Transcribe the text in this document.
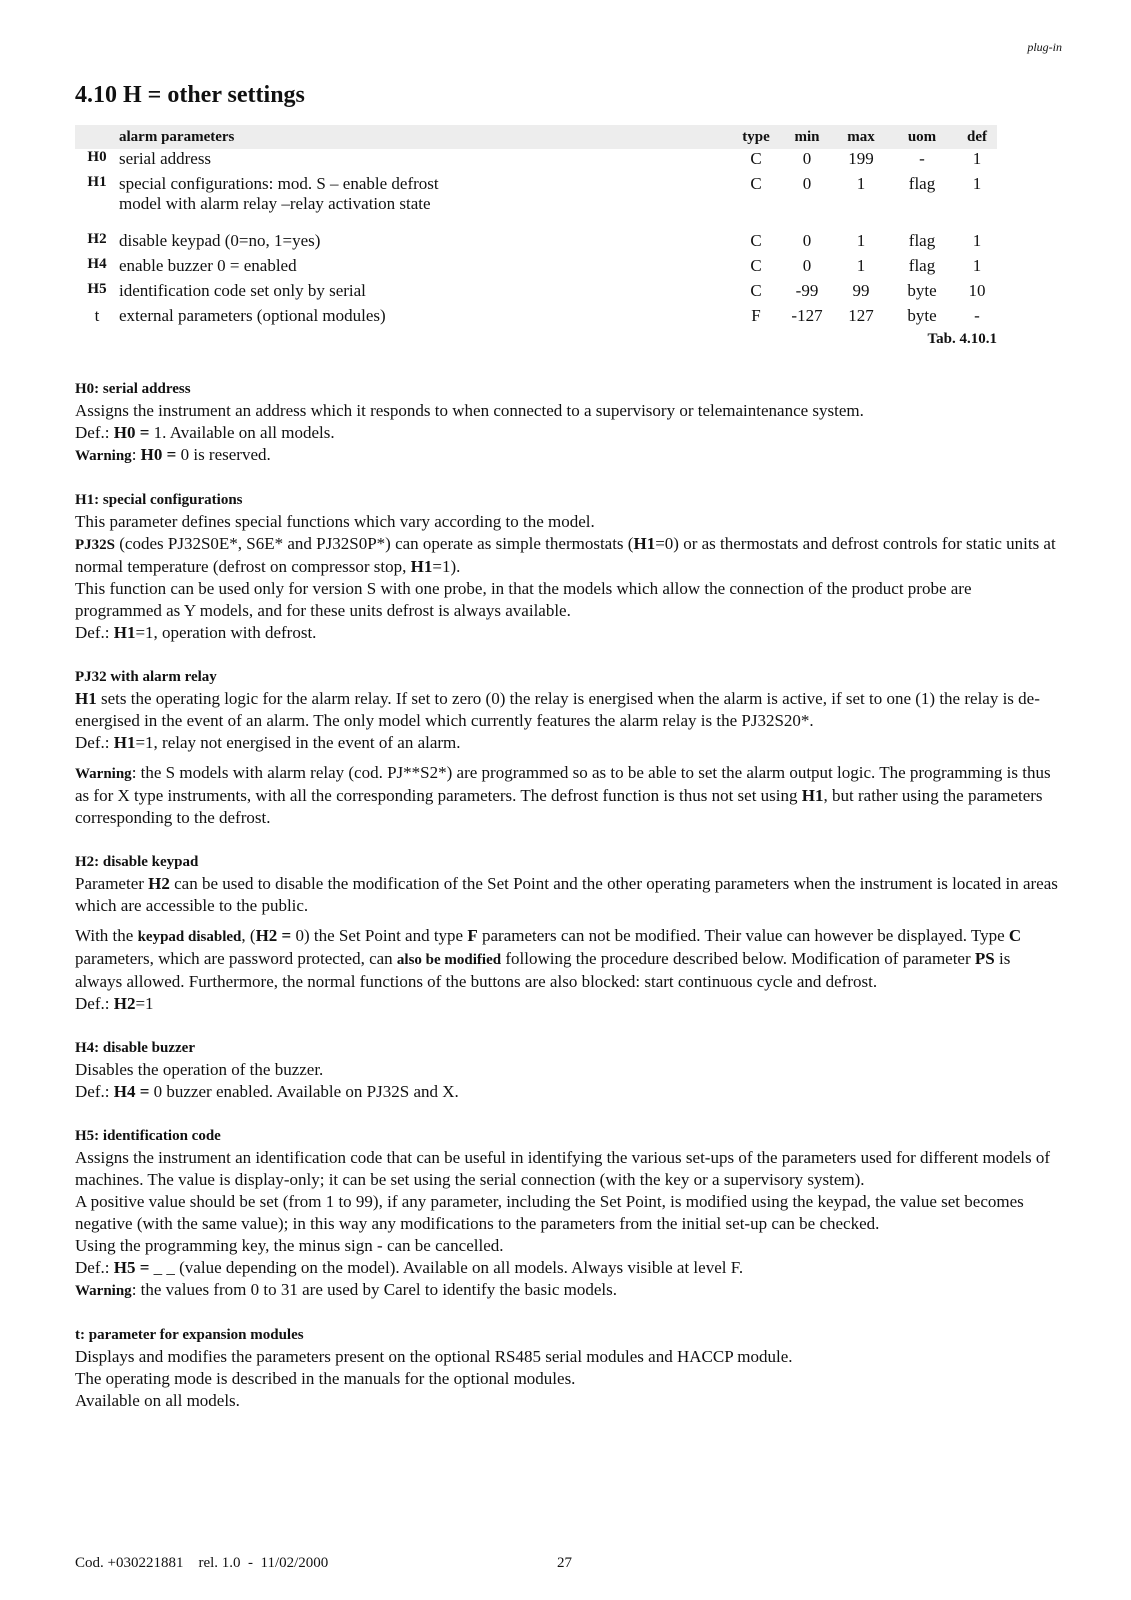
plug-in
4.10 H = other settings
	alarm parameters	type	min	max	uom	def
H0	serial address	C	0	199	-	1
H1	special configurations: mod. S – enable defrost
model with alarm relay –relay activation state	C	0	1	flag	1
H2	disable keypad (0=no, 1=yes)	C	0	1	flag	1
H4	enable buzzer 0 = enabled	C	0	1	flag	1
H5	identification code set only by serial	C	-99	99	byte	10
t	external parameters (optional modules)	F	-127	127	byte	-
Tab. 4.10.1						
H0: serial address

Assigns the instrument an address which it responds to when connected to a supervisory or telemaintenance system.

Def.: H0 = 1. Available on all models.

Warning: H0 = 0 is reserved.

H1: special configurations

This parameter defines special functions which vary according to the model.

PJ32S (codes PJ32S0E*, S6E* and PJ32S0P*) can operate as simple thermostats (H1=0) or as thermostats and defrost controls for static units at normal temperature (defrost on compressor stop, H1=1).

This function can be used only for version S with one probe, in that the models which allow the connection of the product probe are programmed as Y models, and for these units defrost is always available.

Def.: H1=1, operation with defrost.

PJ32 with alarm relay

H1 sets the operating logic for the alarm relay. If set to zero (0) the relay is energised when the alarm is active, if set to one (1) the relay is de-energised in the event of an alarm. The only model which currently features the alarm relay is the PJ32S20*.

Def.: H1=1, relay not energised in the event of an alarm.

Warning: the S models with alarm relay (cod. PJ**S2*) are programmed so as to be able to set the alarm output logic. The programming is thus as for X type instruments, with all the corresponding parameters. The defrost function is thus not set using H1, but rather using the parameters corresponding to the defrost.

H2: disable keypad

Parameter H2 can be used to disable the modification of the Set Point and the other operating parameters when the instrument is located in areas which are accessible to the public.

With the keypad disabled, (H2 = 0) the Set Point and type F parameters can not be modified. Their value can however be displayed. Type C parameters, which are password protected, can also be modified following the procedure described below. Modification of parameter PS is always allowed. Furthermore, the normal functions of the buttons are also blocked: start continuous cycle and defrost.

Def.: H2=1

H4: disable buzzer

Disables the operation of the buzzer.

Def.: H4 = 0 buzzer enabled. Available on PJ32S and X.

H5: identification code

Assigns the instrument an identification code that can be useful in identifying the various set-ups of the parameters used for different models of machines. The value is display-only; it can be set using the serial connection (with the key or a supervisory system).

A positive value should be set (from 1 to 99), if any parameter, including the Set Point, is modified using the keypad, the value set becomes negative (with the same value); in this way any modifications to the parameters from the initial set-up can be checked.

Using the programming key, the minus sign - can be cancelled.

Def.: H5 = _ _ (value depending on the model). Available on all models. Always visible at level F.

Warning: the values from 0 to 31 are used by Carel to identify the basic models.

t: parameter for expansion modules

Displays and modifies the parameters present on the optional RS485 serial modules and HACCP module.

The operating mode is described in the manuals for the optional modules.

Available on all models.

Cod. +030221881    rel. 1.0  -  11/02/2000	27
